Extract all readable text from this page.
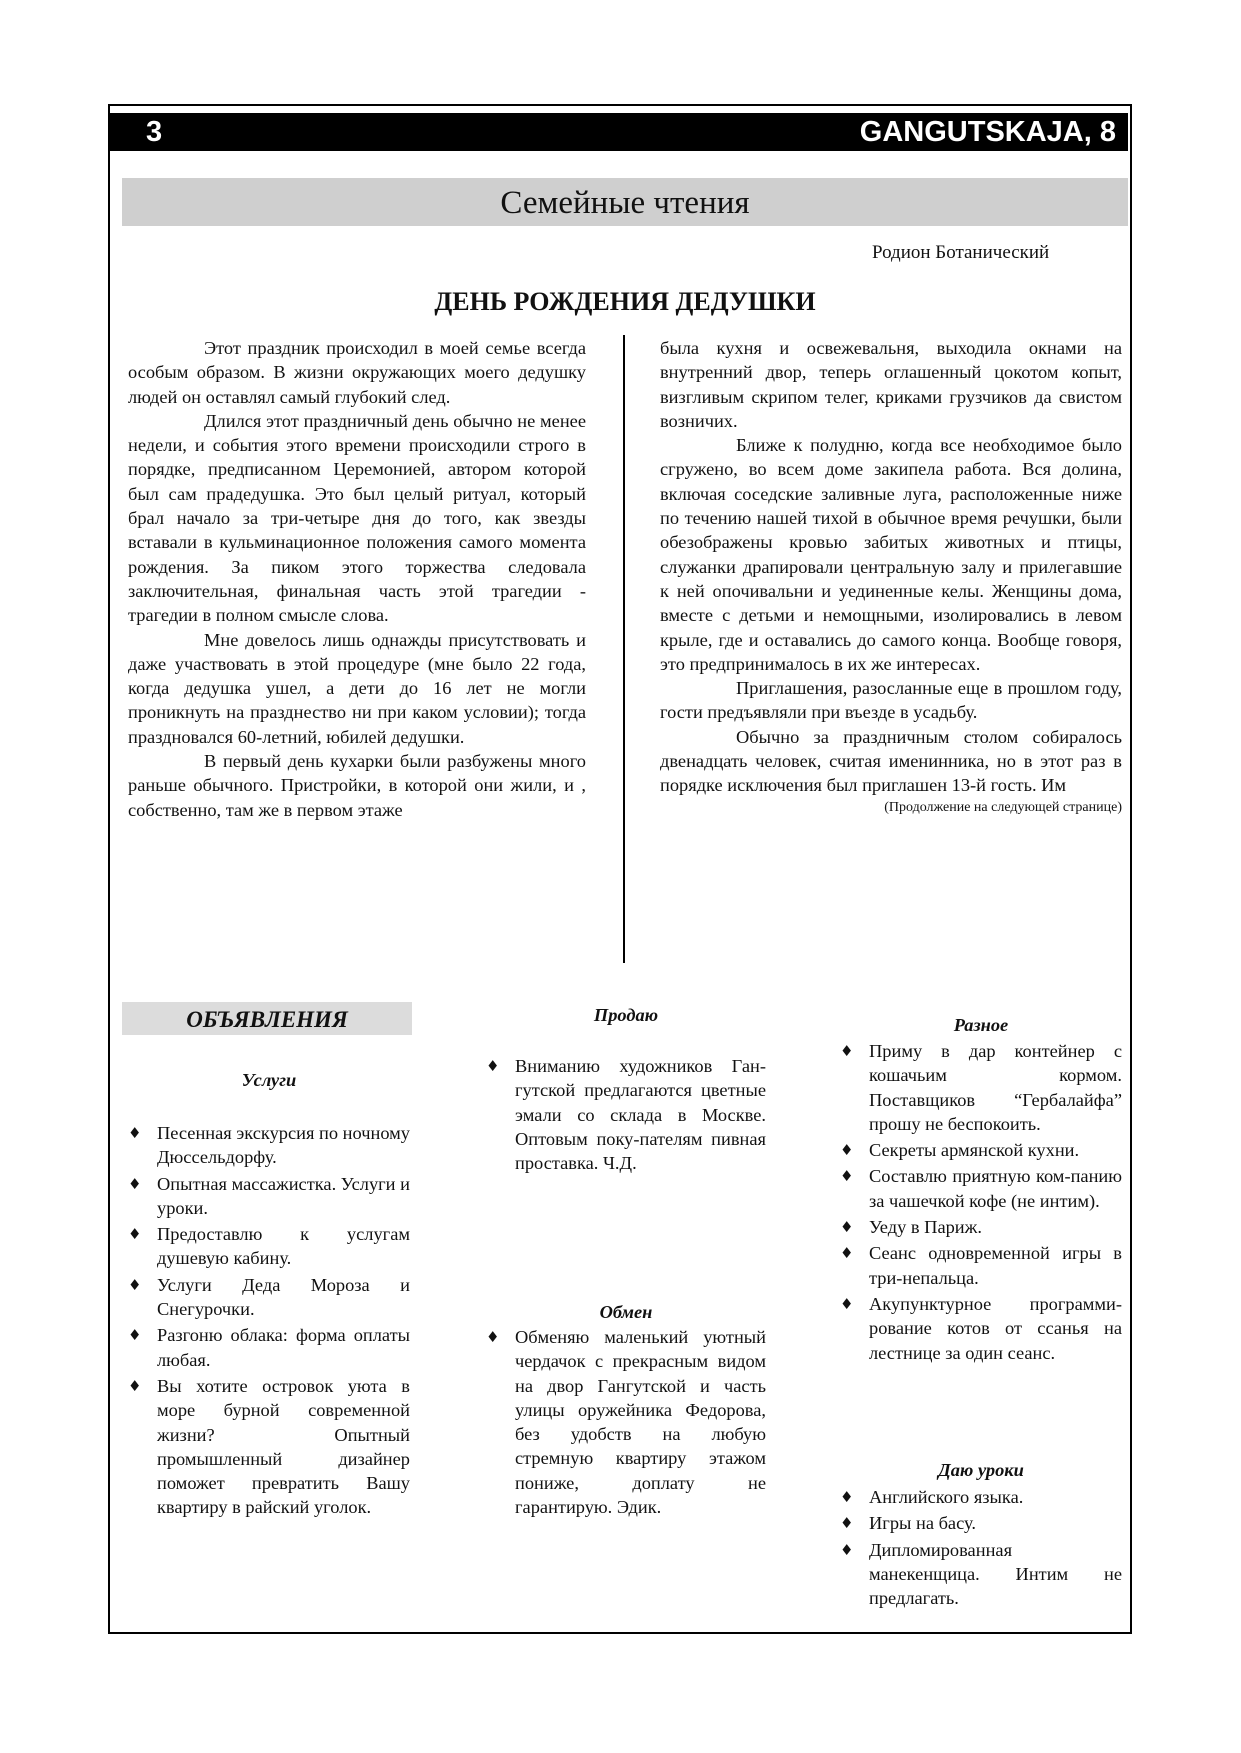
3	GANGUTSKAJA, 8
Семейные чтения
Родион Ботанический
ДЕНЬ РОЖДЕНИЯ ДЕДУШКИ

Этот праздник происходил в моей семье всегда особым образом. В жизни окружающих моего дедушку людей он оставлял самый глубокий след.

Длился этот праздничный день обычно не менее недели, и события этого времени происходили строго в порядке, предписанном Церемонией, автором которой был сам прадедушка. Это был целый ритуал, который брал начало за три-четыре дня до того, как звезды вставали в кульминационное положения самого момента рождения. За пиком этого торжества следовала заключительная, финальная часть этой трагедии - трагедии в полном смысле слова.

Мне довелось лишь однажды присутствовать и даже участвовать в этой процедуре (мне было 22 года, когда дедушка ушел, а дети до 16 лет не могли проникнуть на празднество ни при каком условии); тогда праздновался 60-летний, юбилей дедушки.

В первый день кухарки были разбужены много раньше обычного. Пристройки, в которой они жили, и , собственно, там же в первом этаже

была кухня и освежевальня, выходила окнами на внутренний двор, теперь оглашенный цокотом копыт, визгливым скрипом телег, криками грузчиков да свистом возничих.

Ближе к полудню, когда все необходимое было сгружено, во всем доме закипела работа. Вся долина, включая соседские заливные луга, расположенные ниже по течению нашей тихой в обычное время речушки, были обезображены кровью забитых животных и птицы, служанки драпировали центральную залу и прилегавшие к ней опочивальни и уединенные келы. Женщины дома, вместе с детьми и немощными, изолировались в левом крыле, где и оставались до самого конца. Вообще говоря, это предпринималось в их же интересах.

Приглашения, разосланные еще в прошлом году, гости предъявляли при въезде в усадьбу.

Обычно за праздничным столом собиралось двенадцать человек, считая именинника, но в этот раз в порядке исключения был приглашен 13-й гость. Им

(Продолжение на следующей странице)
ОБЪЯВЛЕНИЯ
Услуги
♦ Песенная экскурсия по ночному Дюссельдорфу.
♦ Опытная массажистка. Услуги и уроки.
♦ Предоставлю к услугам душевую кабину.
♦ Услуги Деда Мороза и Снегурочки.
♦ Разгоню облака: форма оплаты любая.
♦ Вы хотите островок уюта в море бурной современной жизни? Опытный промышленный дизайнер поможет превратить Вашу квартиру в райский уголок.
Продаю
♦ Вниманию художников Ган-гутской предлагаются цветные эмали со склада в Москве. Оптовым поку-пателям пивная проставка. Ч.Д.
Обмен
♦ Обменяю маленький уютный чердачок с прекрасным видом на двор Гангутской и часть улицы оружейника Федорова, без удобств на любую стремную квартиру этажом пониже, доплату не гарантирую. Эдик.
Разное
♦ Приму в дар контейнер с кошачьим кормом. Поставщиков “Гербалайфа” прошу не беспокоить.
♦ Секреты армянской кухни.
♦ Составлю приятную ком-панию за чашечкой кофе (не интим).
♦ Уеду в Париж.
♦ Сеанс одновременной игры в три-непальца.
♦ Акупунктурное программи-рование котов от ссанья на лестнице за один сеанс.
Даю уроки
♦ Английского языка.
♦ Игры на басу.
♦ Дипломированная манекенщица. Интим не предлагать.
